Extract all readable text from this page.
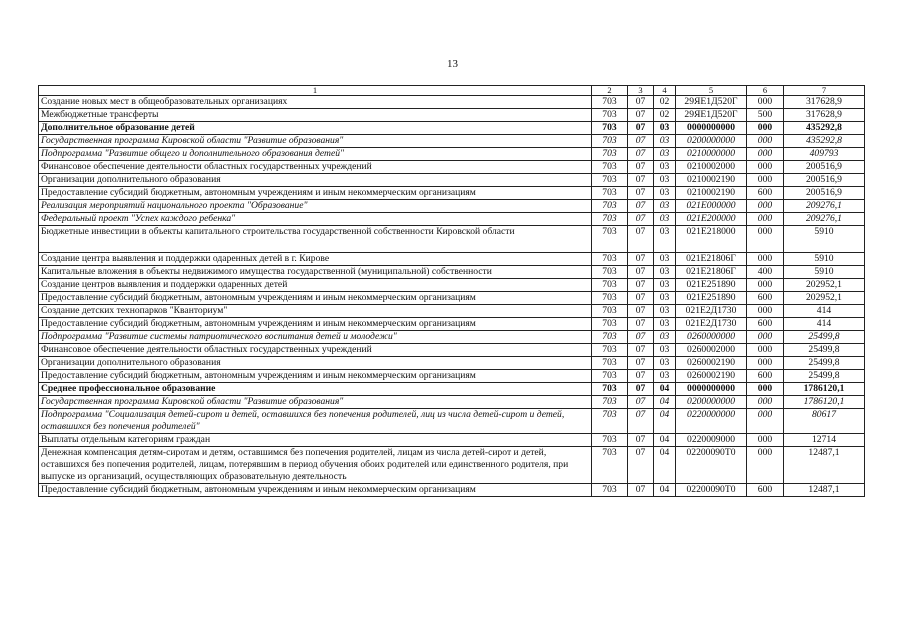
13
1	2	3	4	5	6	7
Создание новых мест в общеобразовательных организациях	703	07	02	29ЯЕ1Д520Г	000	317628,9
Межбюджетные трансферты	703	07	02	29ЯЕ1Д520Г	500	317628,9
Дополнительное образование детей	703	07	03	0000000000	000	435292,8
Государственная программа Кировской области "Развитие образования"	703	07	03	0200000000	000	435292,8
Подпрограмма "Развитие общего и дополнительного образования детей"	703	07	03	0210000000	000	409793
Финансовое обеспечение деятельности областных государственных учреждений	703	07	03	0210002000	000	200516,9
Организации дополнительного образования	703	07	03	0210002190	000	200516,9
Предоставление субсидий бюджетным, автономным учреждениям и иным некоммерческим организациям	703	07	03	0210002190	600	200516,9
Реализация мероприятий национального проекта "Образование"	703	07	03	021E000000	000	209276,1
Федеральный проект "Успех каждого ребенка"	703	07	03	021E200000	000	209276,1
Бюджетные инвестиции в объекты капитального строительства государственной собственности Кировской области	703	07	03	021E218000	000	5910
Создание центра выявления и поддержки одаренных детей в г. Кирове	703	07	03	021E21806Г	000	5910
Капитальные вложения в объекты недвижимого имущества государственной (муниципальной) собственности	703	07	03	021E21806Г	400	5910
Создание центров выявления и поддержки одаренных детей	703	07	03	021E251890	000	202952,1
Предоставление субсидий бюджетным, автономным учреждениям и иным некоммерческим организациям	703	07	03	021E251890	600	202952,1
Создание детских технопарков "Кванториум"	703	07	03	021E2Д1730	000	414
Предоставление субсидий бюджетным, автономным учреждениям и иным некоммерческим организациям	703	07	03	021E2Д1730	600	414
Подпрограмма "Развитие системы патриотического воспитания детей и молодежи"	703	07	03	0260000000	000	25499,8
Финансовое обеспечение деятельности областных государственных учреждений	703	07	03	0260002000	000	25499,8
Организации дополнительного образования	703	07	03	0260002190	000	25499,8
Предоставление субсидий бюджетным, автономным учреждениям и иным некоммерческим организациям	703	07	03	0260002190	600	25499,8
Среднее профессиональное образование	703	07	04	0000000000	000	1786120,1
Государственная программа Кировской области "Развитие образования"	703	07	04	0200000000	000	1786120,1
Подпрограмма "Социализация детей-сирот и детей, оставшихся без попечения родителей, лиц из числа детей-сирот и детей, оставшихся без попечения родителей"	703	07	04	0220000000	000	80617
Выплаты отдельным категориям граждан	703	07	04	0220009000	000	12714
Денежная компенсация детям-сиротам и детям, оставшимся без попечения родителей, лицам из числа детей-сирот и детей, оставшихся без попечения родителей, лицам, потерявшим в период обучения обоих родителей или единственного родителя, при выпуске из организаций, осуществляющих образовательную деятельность	703	07	04	02200090Т0	000	12487,1
Предоставление субсидий бюджетным, автономным учреждениям и иным некоммерческим организациям	703	07	04	02200090Т0	600	12487,1
